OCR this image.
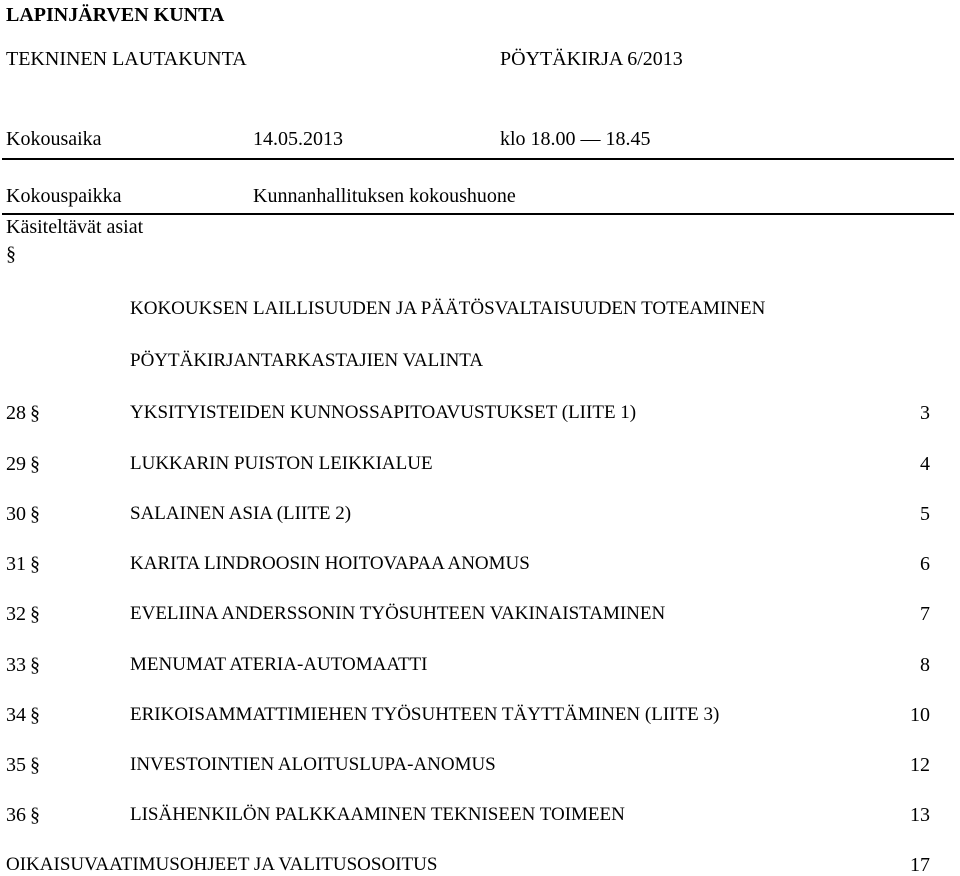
LAPINJÄRVEN KUNTA
TEKNINEN LAUTAKUNTA	PÖYTÄKIRJA 6/2013
Kokousaika	14.05.2013	klo 18.00 — 18.45
Kokouspaikka	Kunnanhallituksen kokoushuone
Käsiteltävät asiat
§
KOKOUKSEN LAILLISUUDEN JA PÄÄTÖSVALTAISUUDEN TOTEAMINEN
PÖYTÄKIRJANTARKASTAJIEN VALINTA
28 §	YKSITYISTEIDEN KUNNOSSAPITOAVUSTUKSET (LIITE 1)	3
29 §	LUKKARIN PUISTON LEIKKIALUE	4
30 §	SALAINEN ASIA (LIITE 2)	5
31 §	KARITA LINDROOSIN HOITOVAPAA ANOMUS	6
32 §	EVELIINA ANDERSSONIN TYÖSUHTEEN VAKINAISTAMINEN	7
33 §	MENUMAT ATERIA-AUTOMAATTI	8
34 §	ERIKOISAMMATTIMIEHEN TYÖSUHTEEN TÄYTTÄMINEN (LIITE 3)	10
35 §	INVESTOINTIEN ALOITUSLUPA-ANOMUS	12
36 §	LISÄHENKILÖN PALKKAAMINEN TEKNISEEN TOIMEEN	13
OIKAISUVAATIMUSOHJEET JA VALITUSOSOITUS	17
